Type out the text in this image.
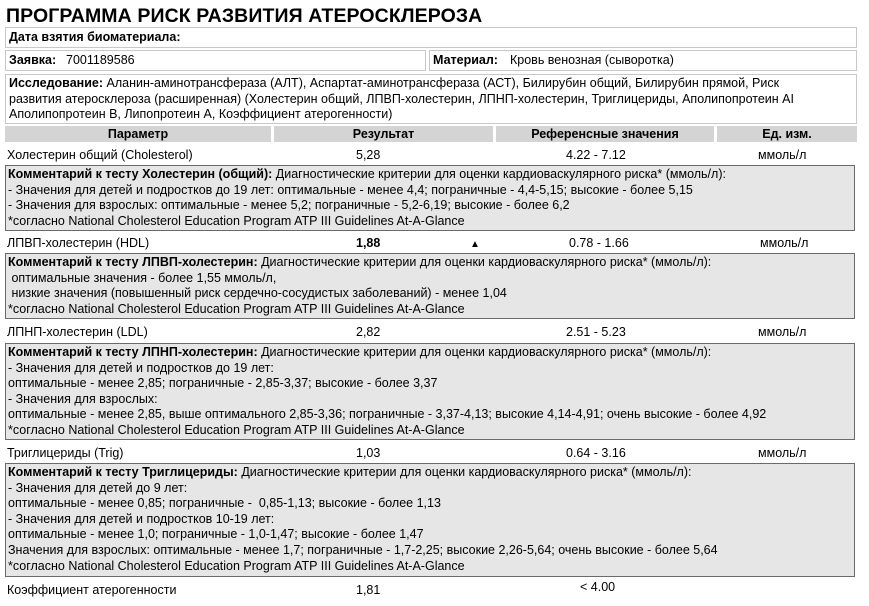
ПРОГРАММА РИСК РАЗВИТИЯ АТЕРОСКЛЕРОЗА
Дата взятия биоматериала:
Заявка: 7001189586	Материал: Кровь венозная (сыворотка)
Исследование: Аланин-аминотрансфераза (АЛТ), Аспартат-аминотрансфераза (АСТ), Билирубин общий, Билирубин прямой, Риск
развития атеросклероза (расширенная) (Холестерин общий, ЛПВП-холестерин, ЛПНП-холестерин, Триглицериды, Аполипопротеин АI
Аполипопротеин В, Липопротеин А, Коэффициент атерогенности)
Параметр	Результат	Референсные значения	Ед. изм.
Холестерин общий (Cholesterol)	5,28	4.22 - 7.12	ммоль/л
Комментарий к тесту Холестерин (общий): Диагностические критерии для оценки кардиоваскулярного риска* (ммоль/л):
- Значения для детей и подростков до 19 лет: оптимальные - менее 4,4; пограничные - 4,4-5,15; высокие - более 5,15
- Значения для взрослых: оптимальные - менее 5,2; пограничные - 5,2-6,19; высокие - более 6,2
*согласно National Cholesterol Education Program ATP III Guidelines At-A-Glance
ЛПВП-холестерин (HDL)	1,88	▲	0.78 - 1.66	ммоль/л
Комментарий к тесту ЛПВП-холестерин: Диагностические критерии для оценки кардиоваскулярного риска* (ммоль/л):
оптимальные значения - более 1,55 ммоль/л,
низкие значения (повышенный риск сердечно-сосудистых заболеваний) - менее 1,04
*согласно National Cholesterol Education Program ATP III Guidelines At-A-Glance
ЛПНП-холестерин (LDL)	2,82	2.51 - 5.23	ммоль/л
Комментарий к тесту ЛПНП-холестерин: Диагностические критерии для оценки кардиоваскулярного риска* (ммоль/л):
- Значения для детей и подростков до 19 лет:
оптимальные - менее 2,85; пограничные - 2,85-3,37; высокие - более 3,37
- Значения для взрослых:
оптимальные - менее 2,85, выше оптимального 2,85-3,36; пограничные - 3,37-4,13; высокие 4,14-4,91; очень высокие - более 4,92
*согласно National Cholesterol Education Program ATP III Guidelines At-A-Glance
Триглицериды (Trig)	1,03	0.64 - 3.16	ммоль/л
Комментарий к тесту Триглицериды: Диагностические критерии для оценки кардиоваскулярного риска* (ммоль/л):
- Значения для детей до 9 лет:
оптимальные - менее 0,85; пограничные -  0,85-1,13; высокие - более 1,13
- Значения для детей и подростков 10-19 лет:
оптимальные - менее 1,0; пограничные - 1,0-1,47; высокие - более 1,47
Значения для взрослых: оптимальные - менее 1,7; пограничные - 1,7-2,25; высокие 2,26-5,64; очень высокие - более 5,64
*согласно National Cholesterol Education Program ATP III Guidelines At-A-Glance
Коэффициент атерогенности	1,81	< 4.00
